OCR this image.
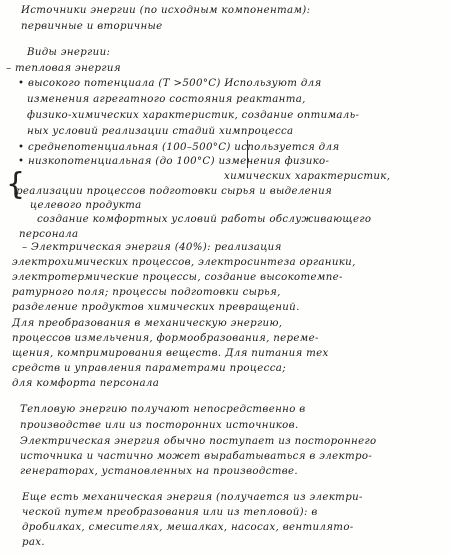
Источники энергии (по исходным компонентам):
первичные и вторичные
Виды энергии:
– тепловая энергия
• высокого потенциала (Т >500°С) Используют для
изменения агрегатного состояния реактанта,
физико-химических характеристик, создание оптималь-
ных условий реализации стадий химпроцесса
• среднепотенциальная (100–500°С) используется для
• низкопотенциальная (до 100°С) изменения физико-
химических характеристик,
реализации процессов подготовки сырья и выделения
целевого продукта
создание комфортных условий работы обслуживающего
персонала
{
– Электрическая энергия (40%): реализация
электрохимических процессов, электросинтеза органики,
электротермические процессы, создание высокотемпе-
ратурного поля; процессы подготовки сырья,
разделение продуктов химических превращений.
Для преобразования в механическую энергию,
процессов измельчения, формообразования, переме-
щения, компримирования веществ. Для питания тех
средств и управления параметрами процесса;
для комфорта персонала
Тепловую энергию получают непосредственно в
производстве или из посторонних источников.
Электрическая энергия обычно поступает из постороннего
источника и частично может вырабатываться в электро-
генераторах, установленных на производстве.
Еще есть механическая энергия (получается из электри-
ческой путем преобразования или из тепловой): в
дробилках, смесителях, мешалках, насосах, вентилято-
рах.
